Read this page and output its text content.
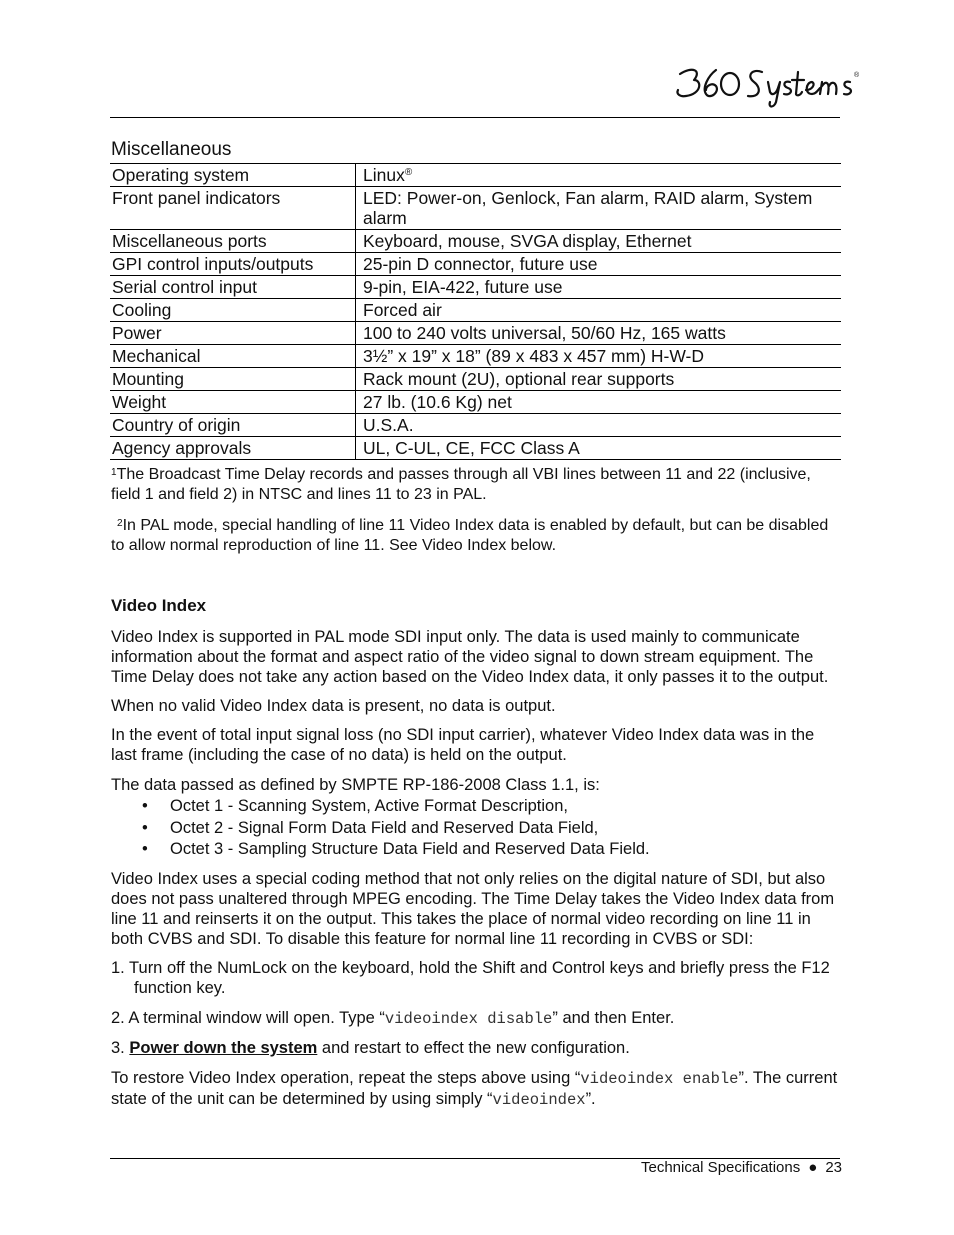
®
Miscellaneous
Operating system	Linux®
Front panel indicators	LED: Power-on, Genlock, Fan alarm, RAID alarm, System alarm
Miscellaneous ports	Keyboard, mouse, SVGA display, Ethernet
GPI control inputs/outputs	25-pin D connector, future use
Serial control input	9-pin, EIA-422, future use
Cooling	Forced air
Power	100 to 240 volts universal, 50/60 Hz, 165 watts
Mechanical	3½” x 19” x 18” (89 x 483 x 457 mm) H-W-D
Mounting	Rack mount (2U), optional rear supports
Weight	27 lb. (10.6 Kg) net
Country of origin	U.S.A.
Agency approvals	UL, C-UL, CE, FCC Class A
$^1$The Broadcast Time Delay records and passes through all VBI lines between 11 and 22 (inclusive, field 1 and field 2) in NTSC and lines 11 to 23 in PAL.
$^2$In PAL mode, special handling of line 11 Video Index data is enabled by default, but can be disabled to allow normal reproduction of line 11. See Video Index below.
Video Index
Video Index is supported in PAL mode SDI input only. The data is used mainly to communicate information about the format and aspect ratio of the video signal to down stream equipment. The Time Delay does not take any action based on the Video Index data, it only passes it to the output.
When no valid Video Index data is present, no data is output.
In the event of total input signal loss (no SDI input carrier), whatever Video Index data was in the last frame (including the case of no data) is held on the output.
The data passed as defined by SMPTE RP-186-2008 Class 1.1, is:
• Octet 1 - Scanning System, Active Format Description,
• Octet 2 - Signal Form Data Field and Reserved Data Field,
• Octet 3 - Sampling Structure Data Field and Reserved Data Field.
Video Index uses a special coding method that not only relies on the digital nature of SDI, but also does not pass unaltered through MPEG encoding. The Time Delay takes the Video Index data from line 11 and reinserts it on the output. This takes the place of normal video recording on line 11 in both CVBS and SDI. To disable this feature for normal line 11 recording in CVBS or SDI:
1. Turn off the NumLock on the keyboard, hold the Shift and Control keys and briefly press the F12
function key.
2. A terminal window will open. Type “videoindex disable” and then Enter.
3. Power down the system and restart to effect the new configuration.
To restore Video Index operation, repeat the steps above using “videoindex enable”. The current state of the unit can be determined by using simply “videoindex”.
Technical Specifications ● 23
